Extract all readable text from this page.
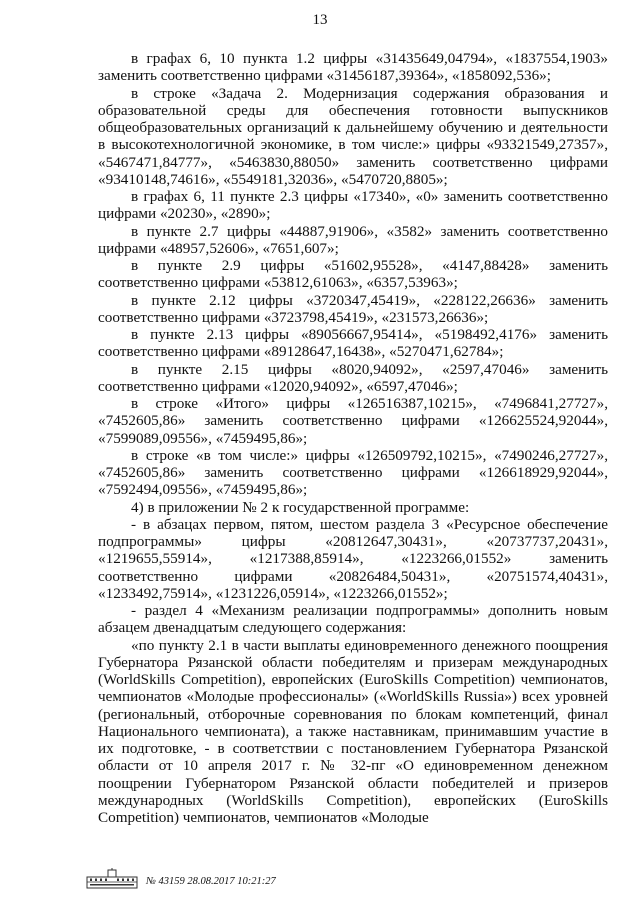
13

в графах 6, 10 пункта 1.2 цифры «31435649,04794», «1837554,1903» заменить соответственно цифрами «31456187,39364», «1858092,536»;

в строке «Задача 2. Модернизация содержания образования и образовательной среды для обеспечения готовности выпускников общеобразовательных организаций к дальнейшему обучению и деятельности в высокотехнологичной экономике, в том числе:» цифры «93321549,27357», «5467471,84777», «5463830,88050» заменить соответственно цифрами «93410148,74616», «5549181,32036», «5470720,8805»;

в графах 6, 11 пункте 2.3 цифры «17340», «0» заменить соответственно цифрами «20230», «2890»;

в пункте 2.7 цифры «44887,91906», «3582» заменить соответственно цифрами «48957,52606», «7651,607»;

в пункте 2.9 цифры «51602,95528», «4147,88428» заменить соответственно цифрами «53812,61063», «6357,53963»;

в пункте 2.12 цифры «3720347,45419», «228122,26636» заменить соответственно цифрами «3723798,45419», «231573,26636»;

в пункте 2.13 цифры «89056667,95414», «5198492,4176» заменить соответственно цифрами «89128647,16438», «5270471,62784»;

в пункте 2.15 цифры «8020,94092», «2597,47046» заменить соответственно цифрами «12020,94092», «6597,47046»;

в строке «Итого» цифры «126516387,10215», «7496841,27727», «7452605,86» заменить соответственно цифрами «126625524,92044», «7599089,09556», «7459495,86»;

в строке «в том числе:» цифры «126509792,10215», «7490246,27727», «7452605,86» заменить соответственно цифрами «126618929,92044», «7592494,09556», «7459495,86»;

4) в приложении № 2 к государственной программе:

- в абзацах первом, пятом, шестом раздела 3 «Ресурсное обеспечение подпрограммы» цифры «20812647,30431», «20737737,20431», «1219655,55914», «1217388,85914», «1223266,01552» заменить соответственно цифрами «20826484,50431», «20751574,40431», «1233492,75914», «1231226,05914», «1223266,01552»;

- раздел 4 «Механизм реализации подпрограммы» дополнить новым абзацем двенадцатым следующего содержания:

«по пункту 2.1 в части выплаты единовременного денежного поощрения Губернатора Рязанской области победителям и призерам международных (WorldSkills Competition), европейских (EuroSkills Competition) чемпионатов, чемпионатов «Молодые профессионалы» («WorldSkills Russia») всех уровней (региональный, отборочные соревнования по блокам компетенций, финал Национального чемпионата), а также наставникам, принимавшим участие в их подготовке, - в соответствии с постановлением Губернатора Рязанской области от 10 апреля 2017 г. № 32-пг «О единовременном денежном поощрении Губернатором Рязанской области победителей и призеров международных (WorldSkills Competition), европейских (EuroSkills Competition) чемпионатов, чемпионатов «Молодые

№ 43159 28.08.2017 10:21:27
